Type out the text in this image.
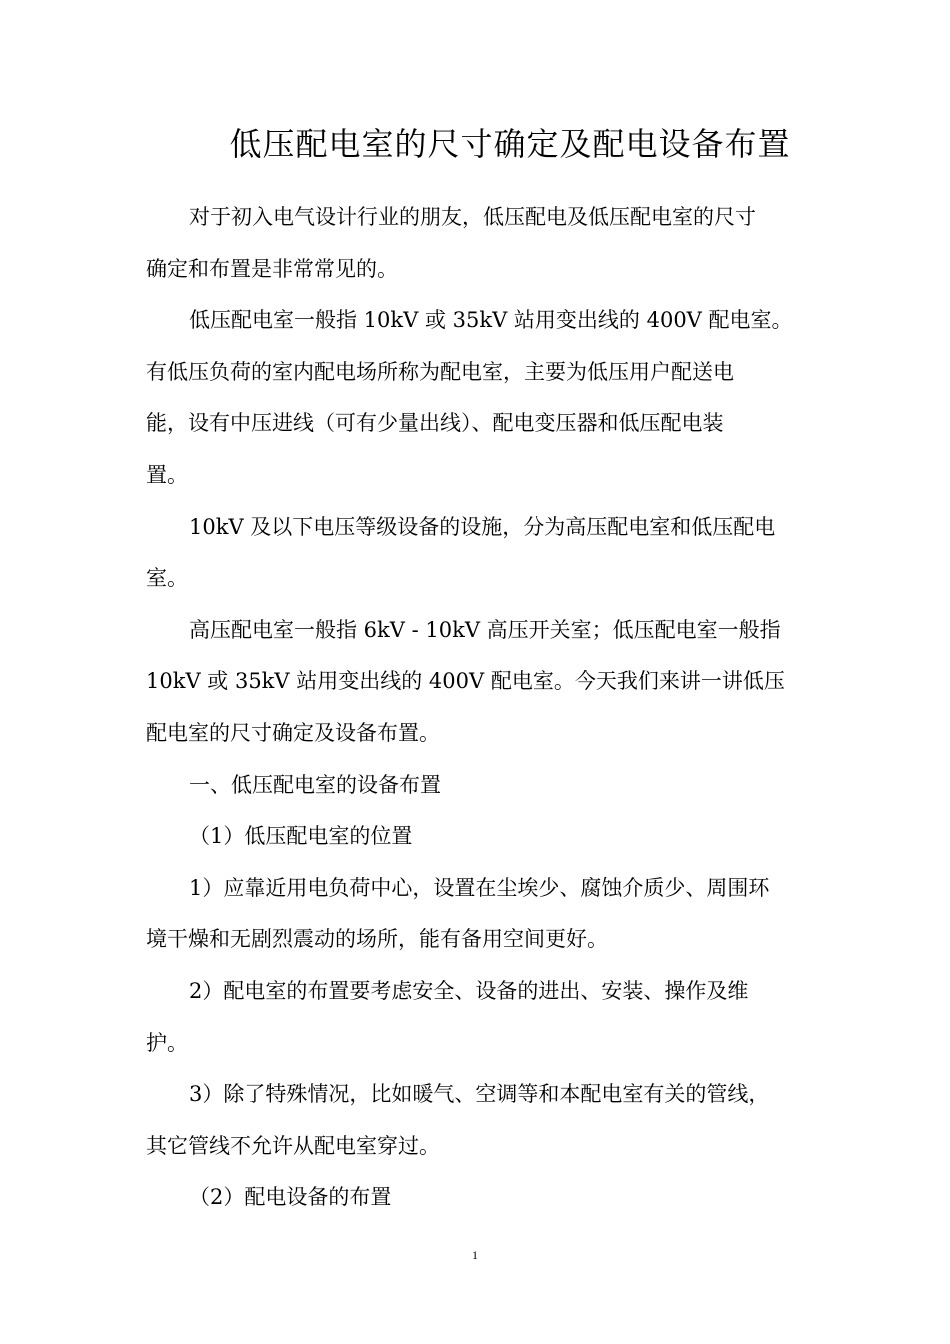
低压配电室的尺寸确定及配电设备布置
对于初入电气设计行业的朋友，低压配电及低压配电室的尺寸
确定和布置是非常常见的。
低压配电室一般指 10kV 或 35kV 站用变出线的 400V 配电室。
有低压负荷的室内配电场所称为配电室，主要为低压用户配送电
能，设有中压进线（可有少量出线）、配电变压器和低压配电装
置。
10kV 及以下电压等级设备的设施，分为高压配电室和低压配电
室。
高压配电室一般指 6kV - 10kV 高压开关室；低压配电室一般指
10kV 或 35kV 站用变出线的 400V 配电室。今天我们来讲一讲低压
配电室的尺寸确定及设备布置。
一、低压配电室的设备布置
（1）低压配电室的位置
1）应靠近用电负荷中心，设置在尘埃少、腐蚀介质少、周围环
境干燥和无剧烈震动的场所，能有备用空间更好。
2）配电室的布置要考虑安全、设备的进出、安装、操作及维
护。
3）除了特殊情况，比如暖气、空调等和本配电室有关的管线，
其它管线不允许从配电室穿过。
（2）配电设备的布置
1
